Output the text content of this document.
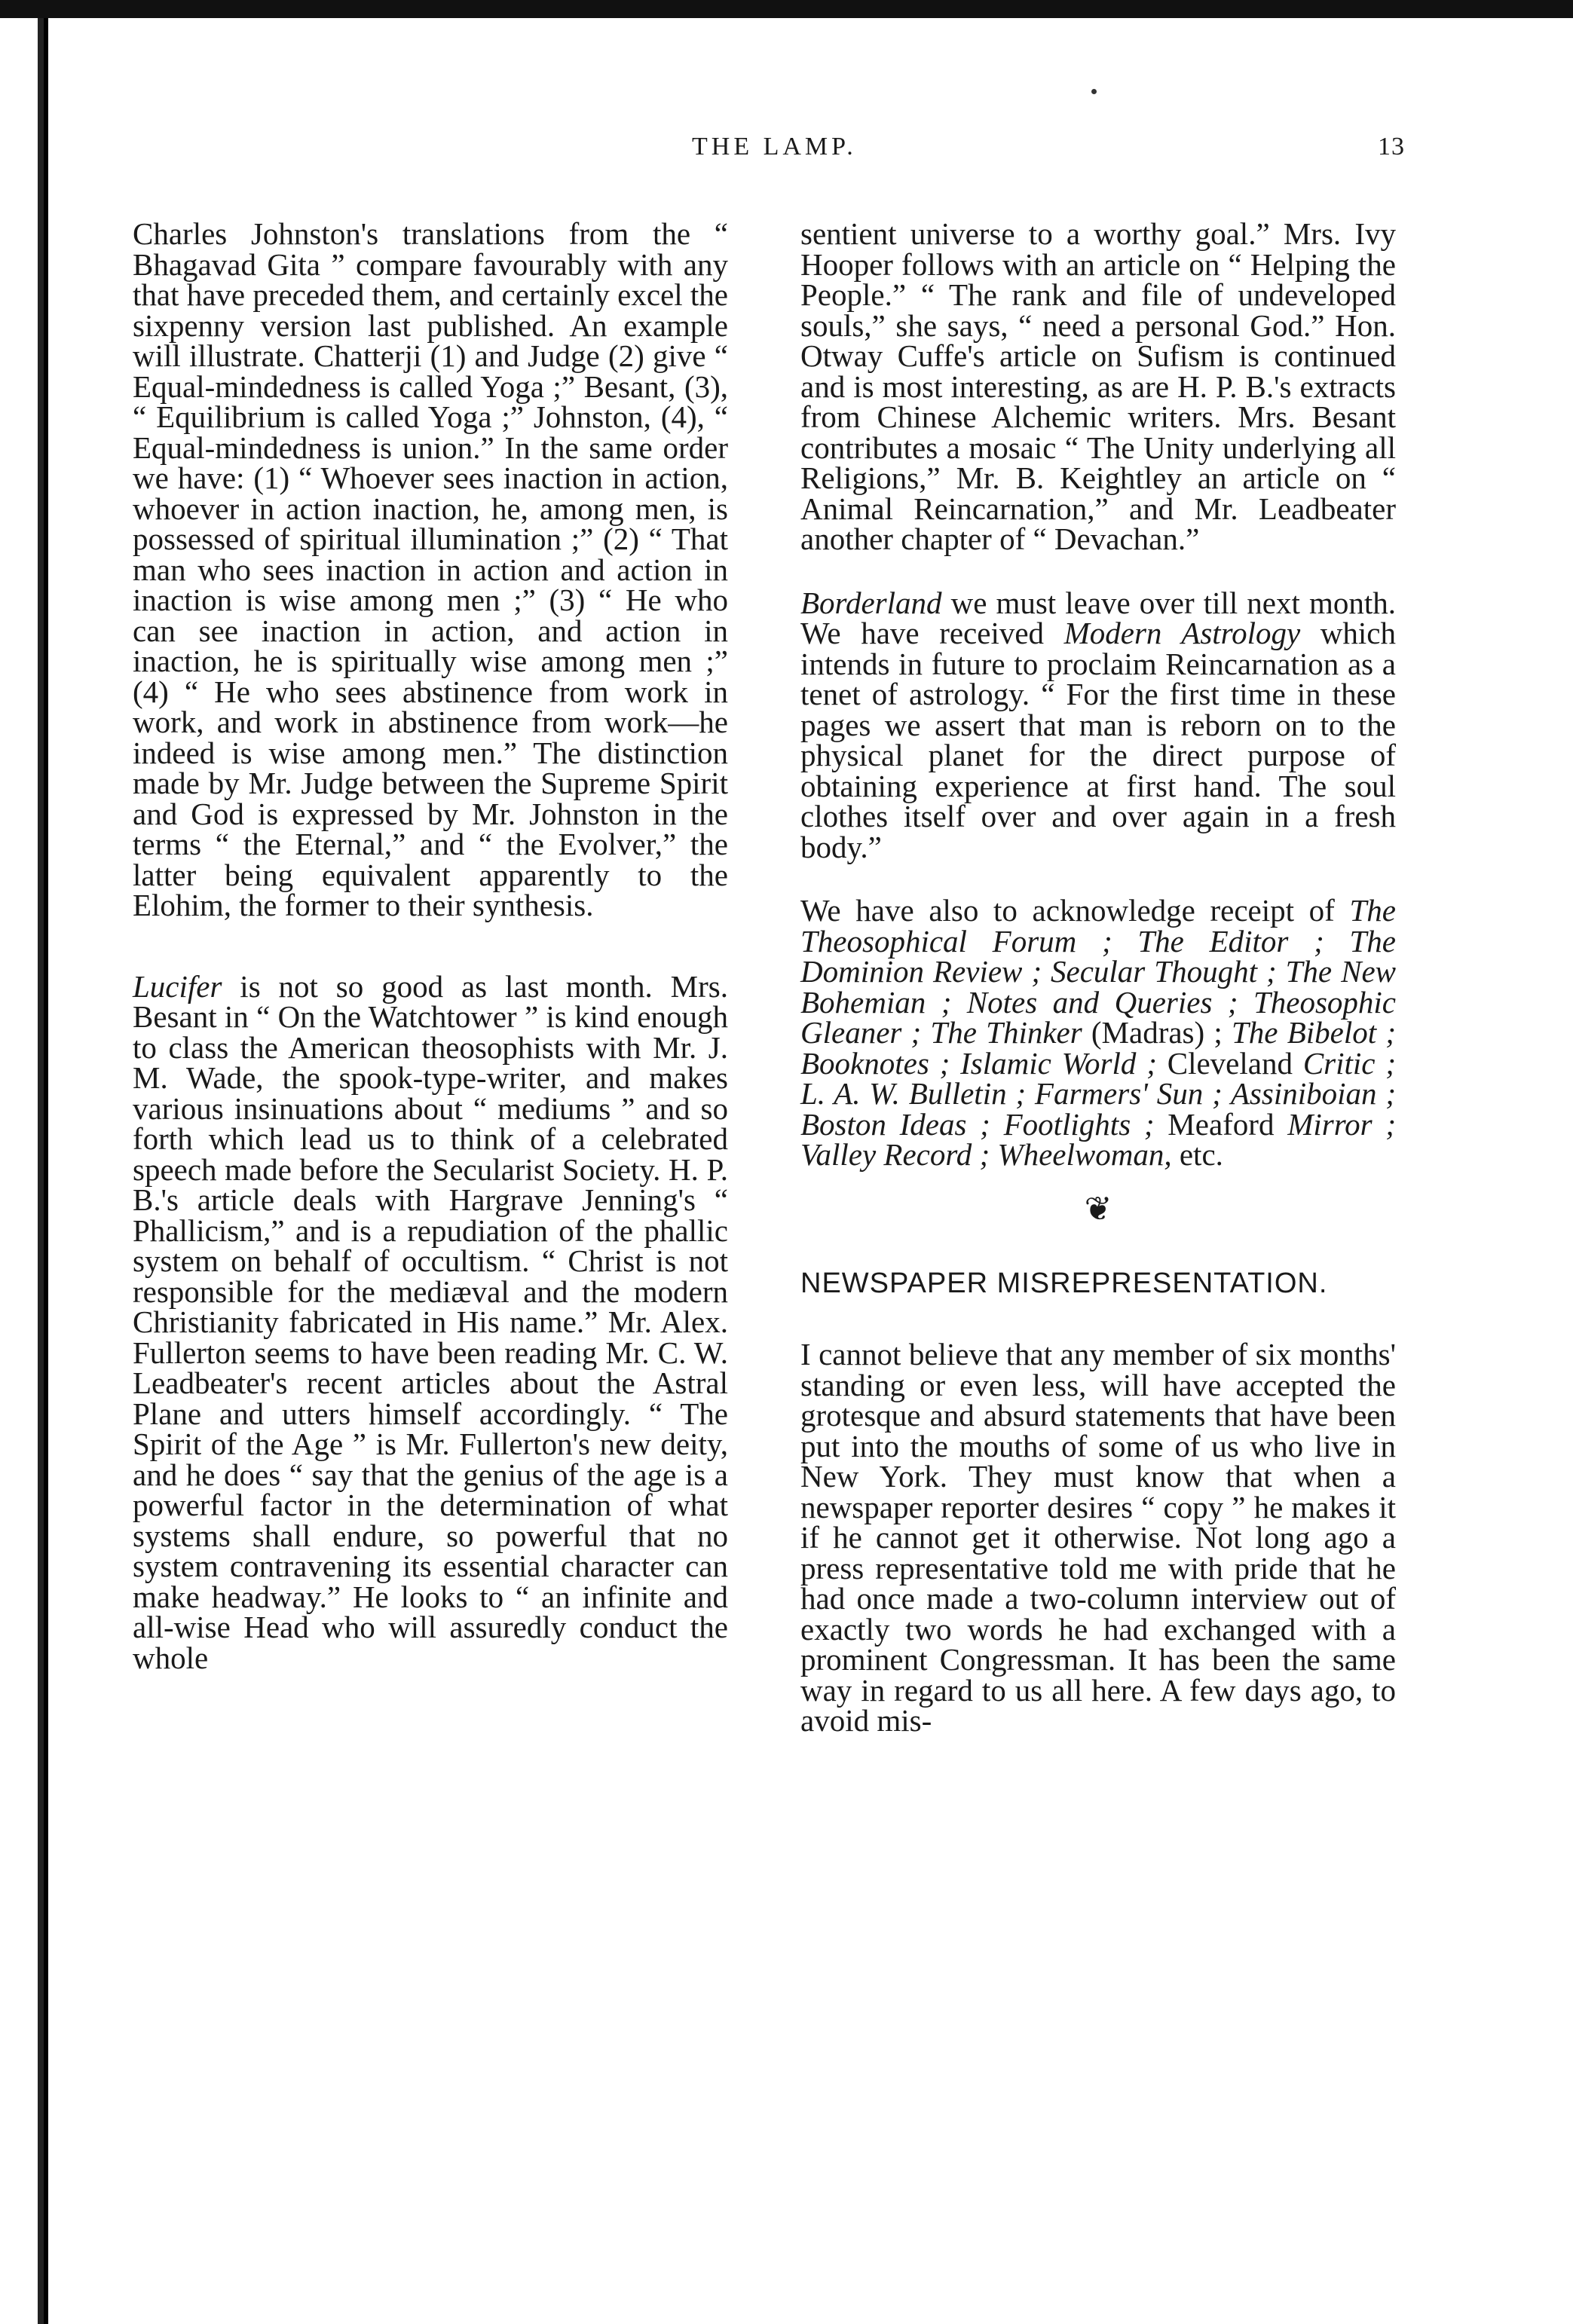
THE LAMP.	13

Charles Johnston's translations from the “ Bhagavad Gita ” compare favourably with any that have preceded them, and certainly excel the sixpenny version last published. An example will illustrate. Chatterji (1) and Judge (2) give “ Equal-mindedness is called Yoga ;” Besant, (3), “ Equilibrium is called Yoga ;” Johnston, (4), “ Equal-mindedness is union.” In the same order we have: (1) “ Whoever sees inaction in action, whoever in action inaction, he, among men, is possessed of spiritual illumination ;” (2) “ That man who sees inaction in action and action in inaction is wise among men ;” (3) “ He who can see inaction in action, and action in inaction, he is spiritually wise among men ;” (4) “ He who sees abstinence from work in work, and work in abstinence from work—he indeed is wise among men.” The distinction made by Mr. Judge between the Supreme Spirit and God is expressed by Mr. Johnston in the terms “ the Eternal,” and “ the Evolver,” the latter being equivalent apparently to the Elohim, the former to their synthesis.

Lucifer is not so good as last month. Mrs. Besant in “ On the Watchtower ” is kind enough to class the American theosophists with Mr. J. M. Wade, the spook-type-writer, and makes various insinuations about “ mediums ” and so forth which lead us to think of a celebrated speech made before the Secularist Society. H. P. B.'s article deals with Hargrave Jenning's “ Phallicism,” and is a repudiation of the phallic system on behalf of occultism. “ Christ is not responsible for the mediæval and the modern Christianity fabricated in His name.” Mr. Alex. Fullerton seems to have been reading Mr. C. W. Leadbeater's recent articles about the Astral Plane and utters himself accordingly. “ The Spirit of the Age ” is Mr. Fullerton's new deity, and he does “ say that the genius of the age is a powerful factor in the determination of what systems shall endure, so powerful that no system contravening its essential character can make headway.” He looks to “ an infinite and all-wise Head who will assuredly conduct the whole

sentient universe to a worthy goal.” Mrs. Ivy Hooper follows with an article on “ Helping the People.” “ The rank and file of undeveloped souls,” she says, “ need a personal God.” Hon. Otway Cuffe's article on Sufism is continued and is most interesting, as are H. P. B.'s extracts from Chinese Alchemic writers. Mrs. Besant contributes a mosaic “ The Unity underlying all Religions,” Mr. B. Keightley an article on “ Animal Reincarnation,” and Mr. Leadbeater another chapter of “ Devachan.”

Borderland we must leave over till next month. We have received Modern Astrology which intends in future to proclaim Reincarnation as a tenet of astrology. “ For the first time in these pages we assert that man is reborn on to the physical planet for the direct purpose of obtaining experience at first hand. The soul clothes itself over and over again in a fresh body.”

We have also to acknowledge receipt of The Theosophical Forum ; The Editor ; The Dominion Review ; Secular Thought ; The New Bohemian ; Notes and Queries ; Theosophic Gleaner ; The Thinker (Madras) ; The Bibelot ; Booknotes ; Islamic World ; Cleveland Critic ; L. A. W. Bulletin ; Farmers' Sun ; Assiniboian ; Boston Ideas ; Footlights ; Meaford Mirror ; Valley Record ; Wheelwoman, etc.

❦
NEWSPAPER MISREPRESENTATION.

I cannot believe that any member of six months' standing or even less, will have accepted the grotesque and absurd statements that have been put into the mouths of some of us who live in New York. They must know that when a newspaper reporter desires “ copy ” he makes it if he cannot get it otherwise. Not long ago a press representative told me with pride that he had once made a two-column interview out of exactly two words he had exchanged with a prominent Congressman. It has been the same way in regard to us all here. A few days ago, to avoid mis-
